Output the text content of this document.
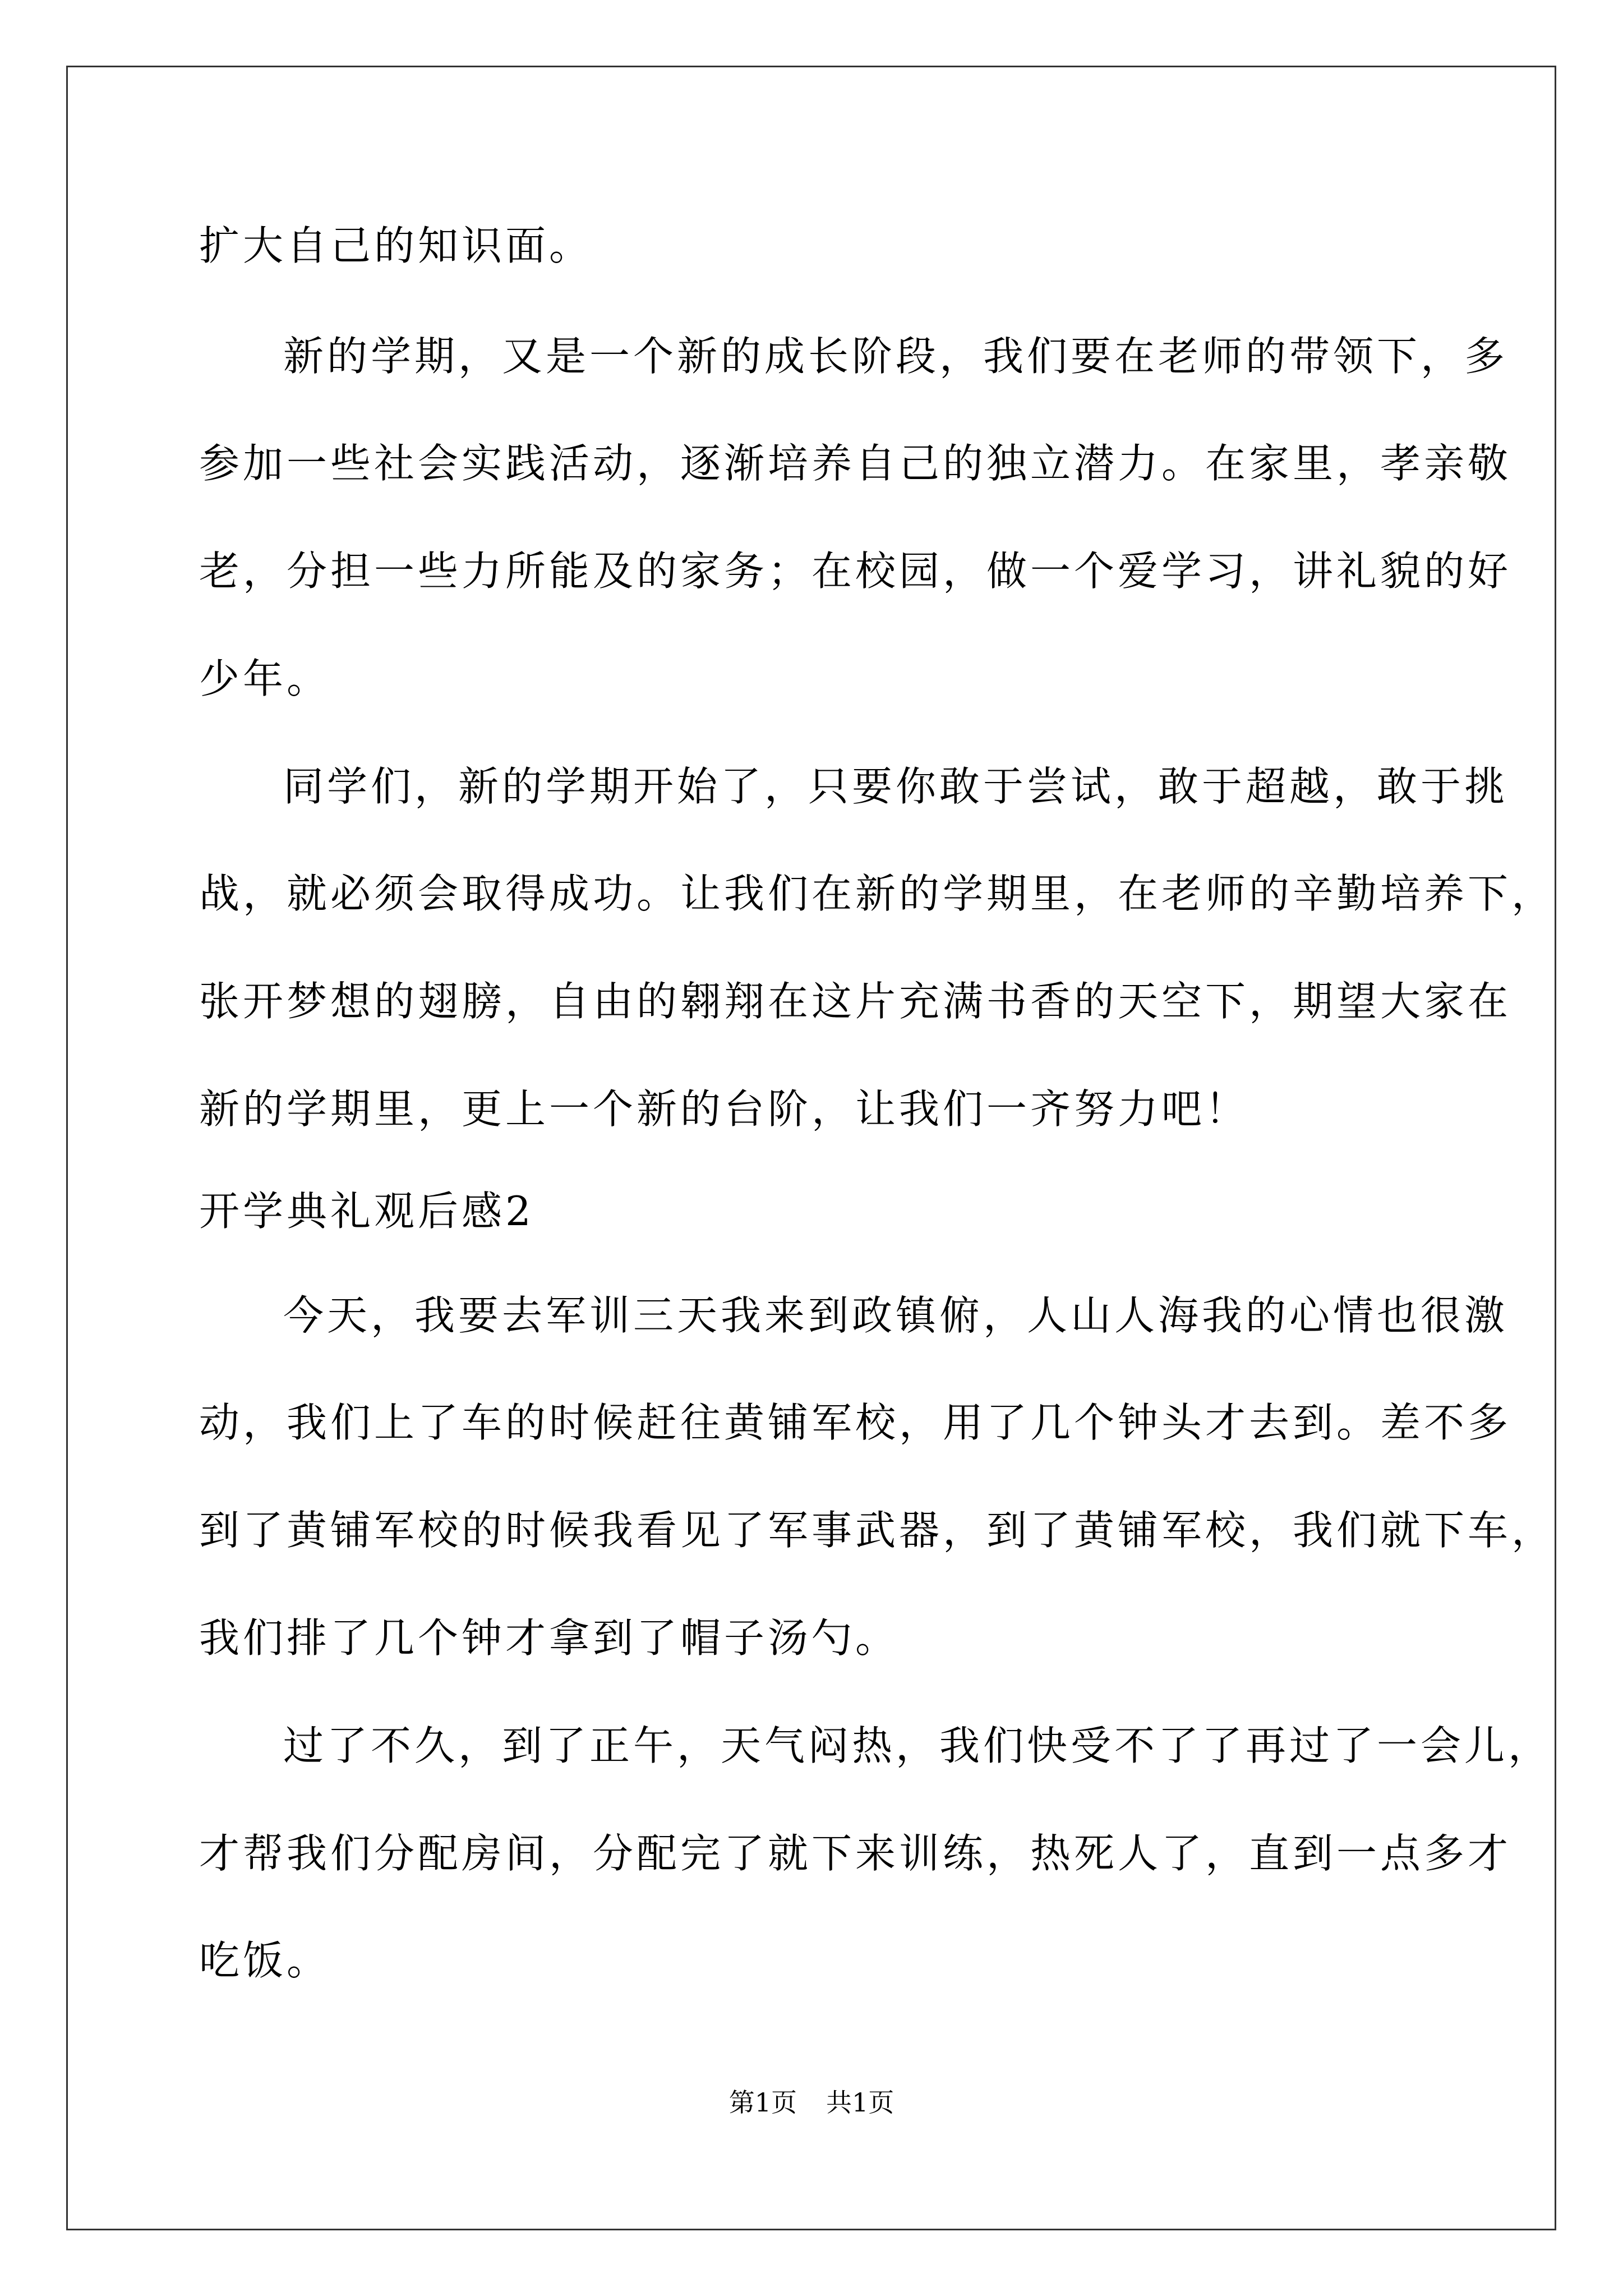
扩大自己的知识面。
新的学期，又是一个新的成长阶段，我们要在老师的带领下，多
参加一些社会实践活动，逐渐培养自己的独立潜力。在家里，孝亲敬
老，分担一些力所能及的家务；在校园，做一个爱学习，讲礼貌的好
少年。
同学们，新的学期开始了，只要你敢于尝试，敢于超越，敢于挑
战，就必须会取得成功。让我们在新的学期里，在老师的辛勤培养下，
张开梦想的翅膀，自由的翱翔在这片充满书香的天空下，期望大家在
新的学期里，更上一个新的台阶，让我们一齐努力吧！
开学典礼观后感2
今天，我要去军训三天我来到政镇俯，人山人海我的心情也很激
动，我们上了车的时候赶往黄铺军校，用了几个钟头才去到。差不多
到了黄铺军校的时候我看见了军事武器，到了黄铺军校，我们就下车，
我们排了几个钟才拿到了帽子汤勺。
过了不久，到了正午，天气闷热，我们快受不了了再过了一会儿，
才帮我们分配房间，分配完了就下来训练，热死人了，直到一点多才
吃饭。
第1页 共1页
